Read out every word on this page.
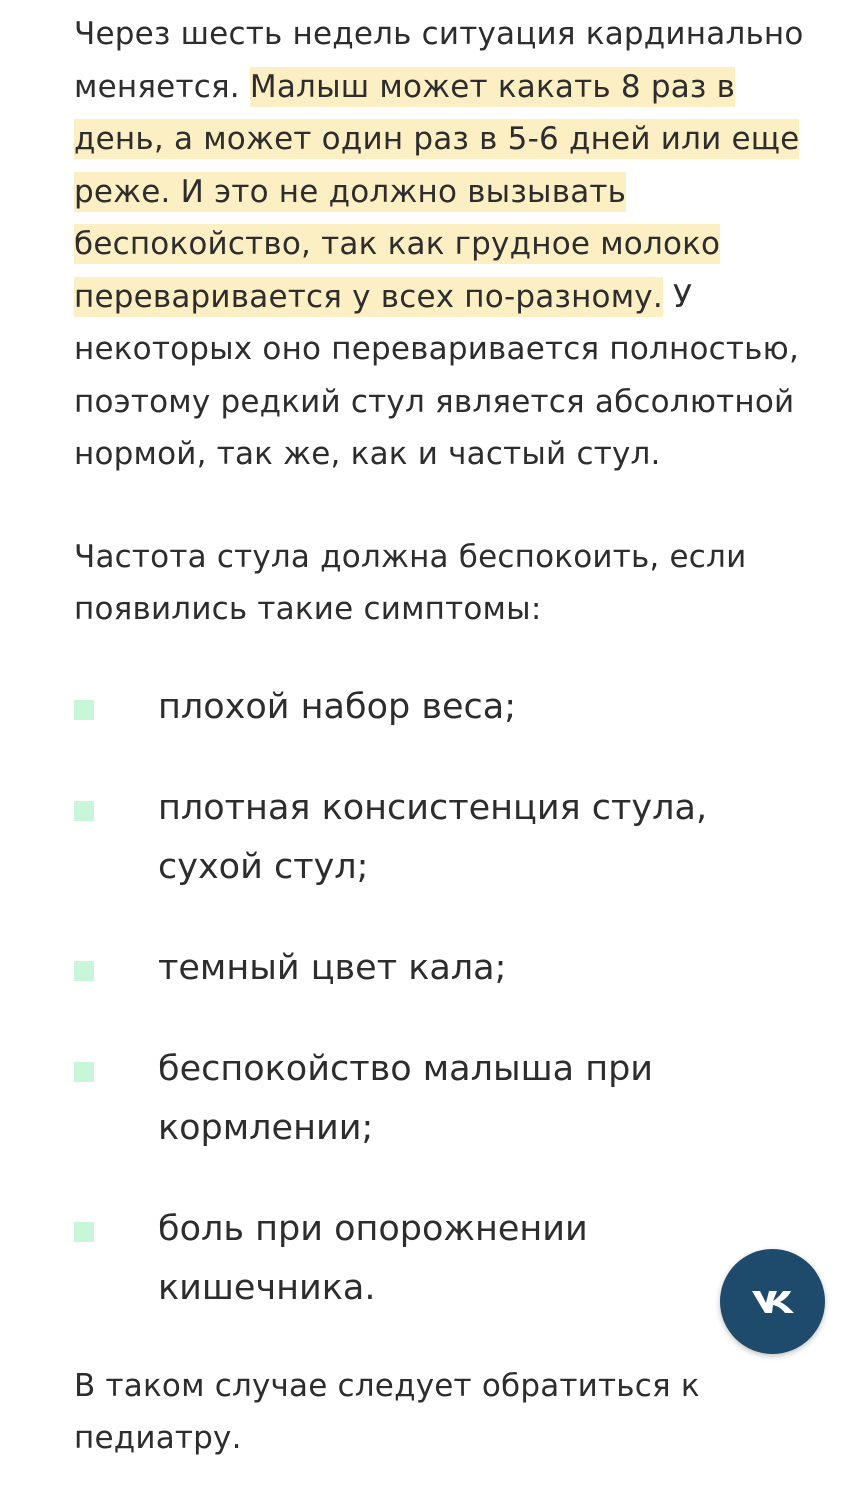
Через шесть недель ситуация кардинально меняется. Малыш может какать 8 раз в день, а может один раз в 5-6 дней или еще реже. И это не должно вызывать беспокойство, так как грудное молоко переваривается у всех по-разному. У некоторых оно переваривается полностью, поэтому редкий стул является абсолютной нормой, так же, как и частый стул.

Частота стула должна беспокоить, если появились такие симптомы:

плохой набор веса;
плотная консистенция стула, сухой стул;
темный цвет кала;
беспокойство малыша при кормлении;
боль при опорожнении кишечника.

В таком случае следует обратиться к педиатру.
